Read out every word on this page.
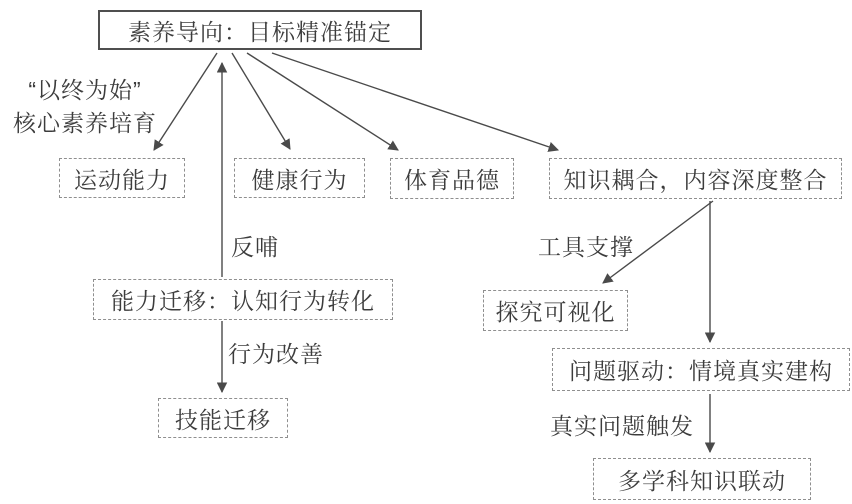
素养导向：目标精准锚定
“以终为始”
核心素养培育
运动能力	健康行为	体育品德	知识耦合，内容深度整合
反哺
能力迁移：认知行为转化
行为改善
技能迁移
工具支撑
探究可视化
问题驱动：情境真实建构
真实问题触发
多学科知识联动
